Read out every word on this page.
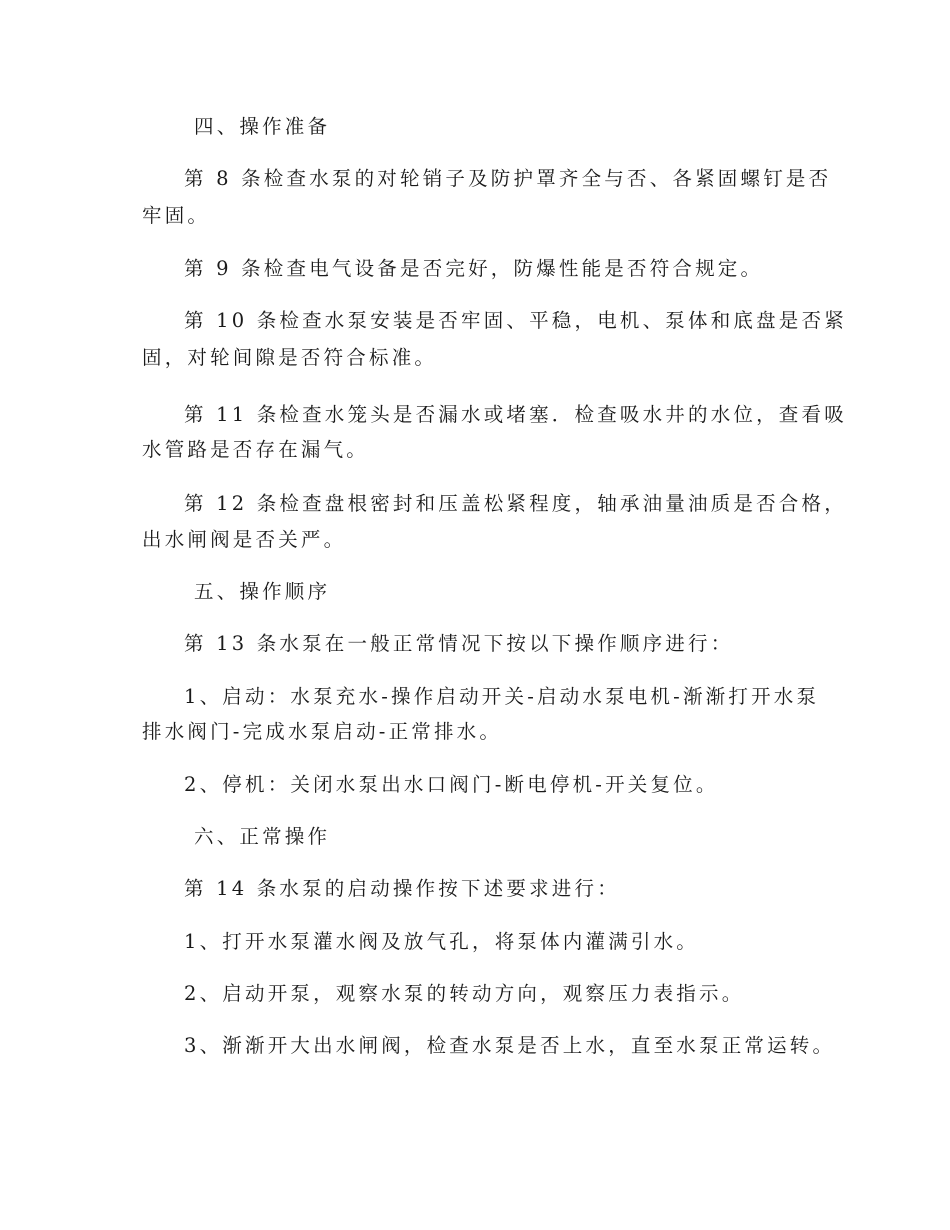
四、操作准备
第 8 条检查水泵的对轮销子及防护罩齐全与否、各紧固螺钉是否
牢固。
第 9 条检查电气设备是否完好，防爆性能是否符合规定。
第 10 条检查水泵安装是否牢固、平稳，电机、泵体和底盘是否紧
固，对轮间隙是否符合标准。
第 11 条检查水笼头是否漏水或堵塞．检查吸水井的水位，查看吸
水管路是否存在漏气。
第 12 条检查盘根密封和压盖松紧程度，轴承油量油质是否合格，
出水闸阀是否关严。
五、操作顺序
第 13 条水泵在一般正常情况下按以下操作顺序进行：
1、启动：水泵充水-操作启动开关-启动水泵电机-渐渐打开水泵
排水阀门-完成水泵启动-正常排水。
2、停机：关闭水泵出水口阀门-断电停机-开关复位。
六、正常操作
第 14 条水泵的启动操作按下述要求进行：
1、打开水泵灌水阀及放气孔，将泵体内灌满引水。
2、启动开泵，观察水泵的转动方向，观察压力表指示。
3、渐渐开大出水闸阀，检查水泵是否上水，直至水泵正常运转。
